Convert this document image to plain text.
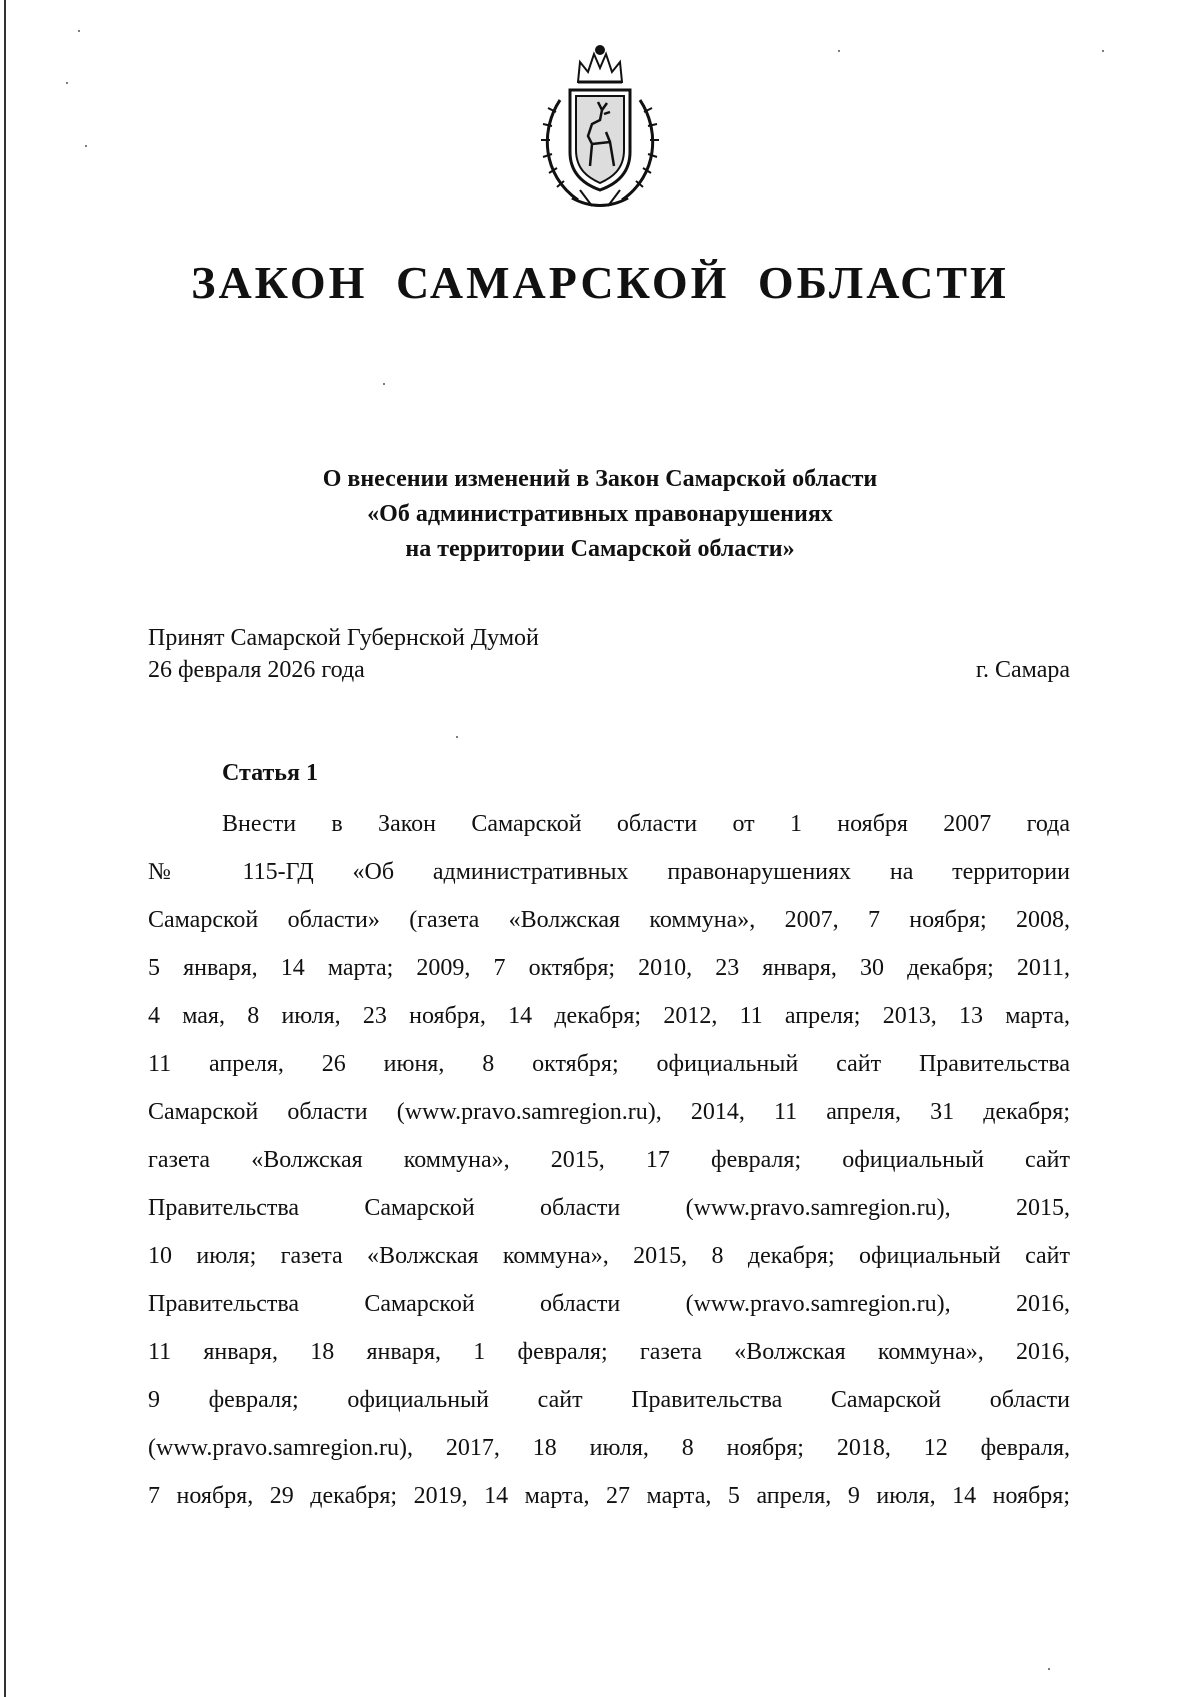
ЗАКОН САМАРСКОЙ ОБЛАСТИ
О внесении изменений в Закон Самарской области
«Об административных правонарушениях
на территории Самарской области»
Принят Самарской Губернской Думой
26 февраля 2026 года	г. Самара
Статья 1
Внести в Закон Самарской области от 1 ноября 2007 года
№ 115-ГД «Об административных правонарушениях на территории
Самарской области» (газета «Волжская коммуна», 2007, 7 ноября; 2008,
5 января, 14 марта; 2009, 7 октября; 2010, 23 января, 30 декабря; 2011,
4 мая, 8 июля, 23 ноября, 14 декабря; 2012, 11 апреля; 2013, 13 марта,
11 апреля, 26 июня, 8 октября; официальный сайт Правительства
Самарской области (www.pravo.samregion.ru), 2014, 11 апреля, 31 декабря;
газета «Волжская коммуна», 2015, 17 февраля; официальный сайт
Правительства Самарской области (www.pravo.samregion.ru), 2015,
10 июля; газета «Волжская коммуна», 2015, 8 декабря; официальный сайт
Правительства Самарской области (www.pravo.samregion.ru), 2016,
11 января, 18 января, 1 февраля; газета «Волжская коммуна», 2016,
9 февраля; официальный сайт Правительства Самарской области
(www.pravo.samregion.ru), 2017, 18 июля, 8 ноября; 2018, 12 февраля,
7 ноября, 29 декабря; 2019, 14 марта, 27 марта, 5 апреля, 9 июля, 14 ноября;
